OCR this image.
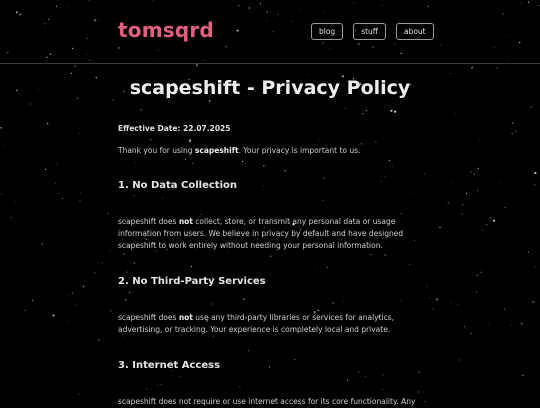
tomsqrd	blog	stuff	about
scapeshift - Privacy Policy

Effective Date: 22.07.2025

Thank you for using scapeshift. Your privacy is important to us.

1. No Data Collection

scapeshift does not collect, store, or transmit any personal data or usage information from users. We believe in privacy by default and have designed scapeshift to work entirely without needing your personal information.

2. No Third-Party Services

scapeshift does not use any third-party libraries or services for analytics, advertising, or tracking. Your experience is completely local and private.

3. Internet Access

scapeshift does not require or use internet access for its core functionality. Any
